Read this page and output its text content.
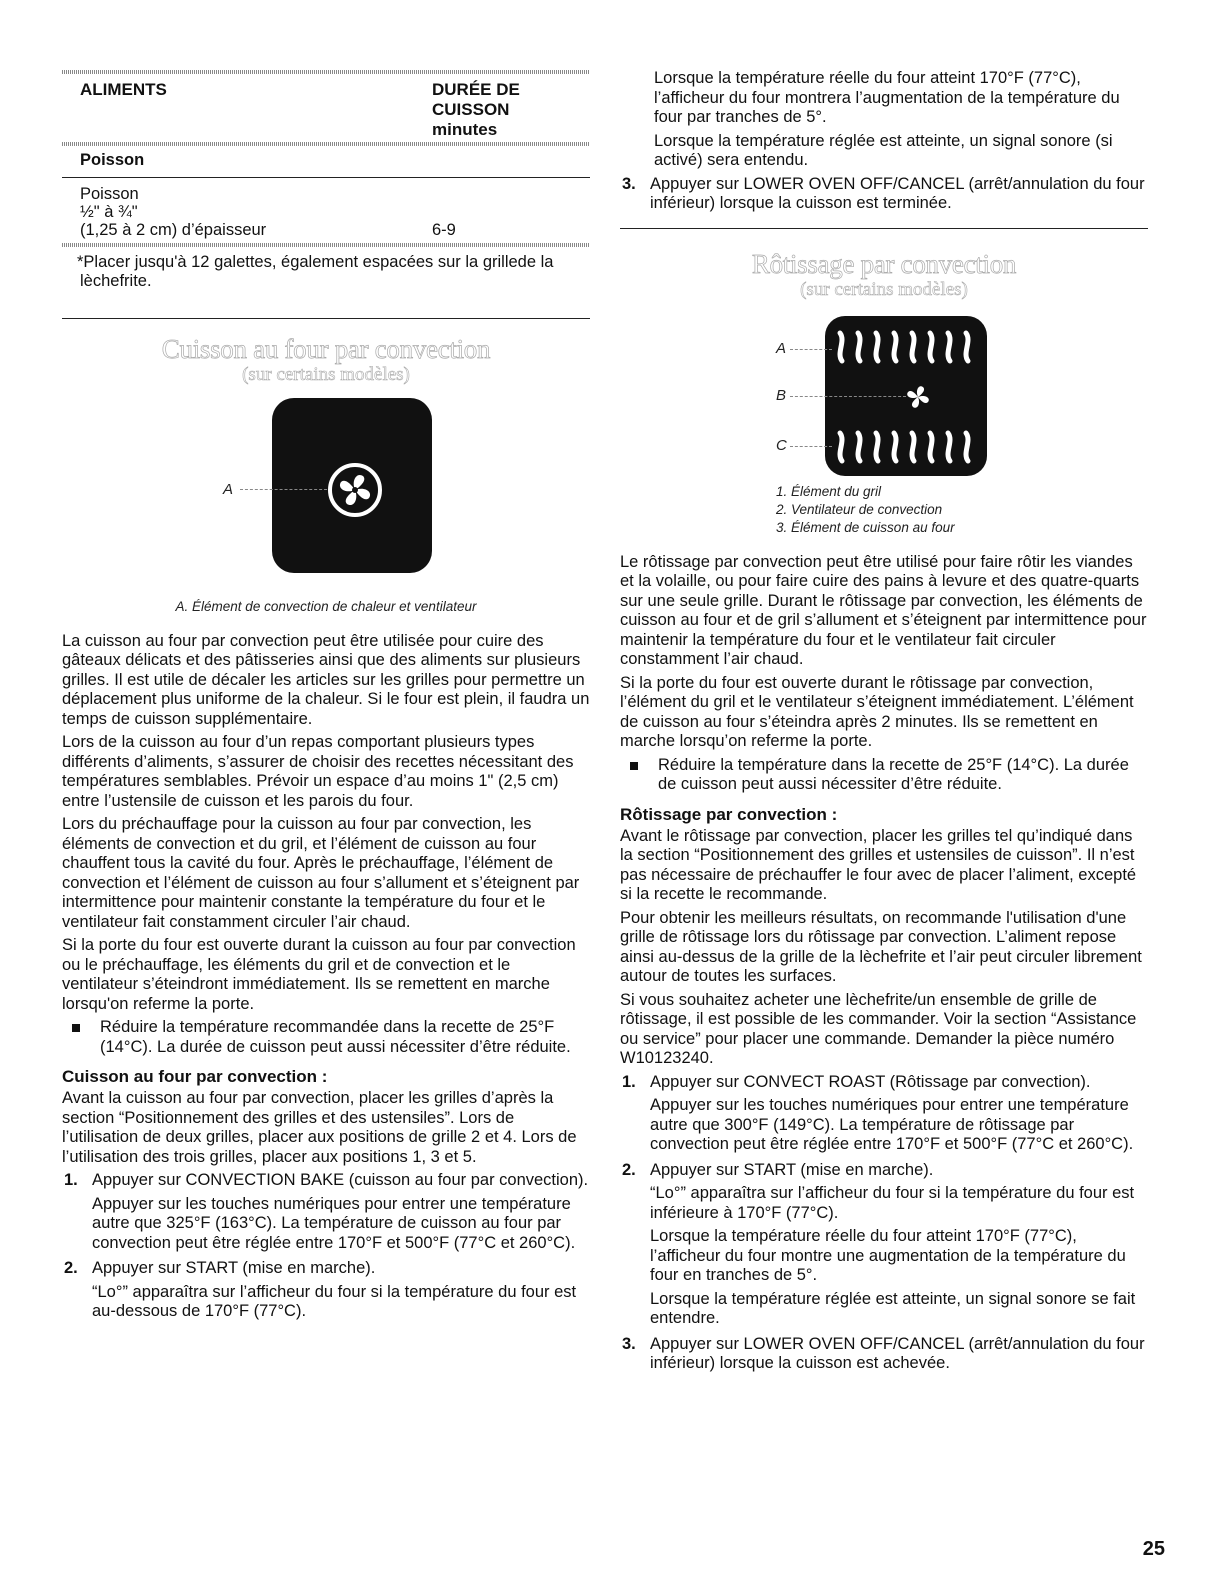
ALIMENTS	DURÉE DE
CUISSON
minutes
Poisson
Poisson
½" à ¾"
(1,25 à 2 cm) d’épaisseur	6-9

*Placer jusqu'à 12 galettes, également espacées sur la grillede la lèchefrite.

Cuisson au four par convection
(sur certains modèles)
A
A. Élément de convection de chaleur et ventilateur

La cuisson au four par convection peut être utilisée pour cuire des gâteaux délicats et des pâtisseries ainsi que des aliments sur plusieurs grilles. Il est utile de décaler les articles sur les grilles pour permettre un déplacement plus uniforme de la chaleur. Si le four est plein, il faudra un temps de cuisson supplémentaire.

Lors de la cuisson au four d’un repas comportant plusieurs types différents d’aliments, s’assurer de choisir des recettes nécessitant des températures semblables. Prévoir un espace d’au moins 1" (2,5 cm) entre l’ustensile de cuisson et les parois du four.

Lors du préchauffage pour la cuisson au four par convection, les éléments de convection et du gril, et l’élément de cuisson au four chauffent tous la cavité du four. Après le préchauffage, l’élément de convection et l’élément de cuisson au four s’allument et s’éteignent par intermittence pour maintenir constante la température du four et le ventilateur fait constamment circuler l’air chaud.

Si la porte du four est ouverte durant la cuisson au four par convection ou le préchauffage, les éléments du gril et de convection et le ventilateur s’éteindront immédiatement. Ils se remettent en marche lorsqu'on referme la porte.

Réduire la température recommandée dans la recette de 25°F (14°C). La durée de cuisson peut aussi nécessiter d’être réduite.
Cuisson au four par convection :

Avant la cuisson au four par convection, placer les grilles d’après la section “Positionnement des grilles et des ustensiles”. Lors de l’utilisation de deux grilles, placer aux positions de grille 2 et 4. Lors de l’utilisation des trois grilles, placer aux positions 1, 3 et 5.

1. Appuyer sur CONVECTION BAKE (cuisson au four par convection).

Appuyer sur les touches numériques pour entrer une température autre que 325°F (163°C). La température de cuisson au four par convection peut être réglée entre 170°F et 500°F (77°C et 260°C).

2. Appuyer sur START (mise en marche).

“Lo°” apparaîtra sur l’afficheur du four si la température du four est au-dessous de 170°F (77°C).

Lorsque la température réelle du four atteint 170°F (77°C), l’afficheur du four montrera l’augmentation de la température du four par tranches de 5°.

Lorsque la température réglée est atteinte, un signal sonore (si activé) sera entendu.

3. Appuyer sur LOWER OVEN OFF/CANCEL (arrêt/annulation du four inférieur) lorsque la cuisson est terminée.
Rôtissage par convection
(sur certains modèles)
A
B
C
1. Élément du gril
2. Ventilateur de convection
3. Élément de cuisson au four

Le rôtissage par convection peut être utilisé pour faire rôtir les viandes et la volaille, ou pour faire cuire des pains à levure et des quatre-quarts sur une seule grille. Durant le rôtissage par convection, les éléments de cuisson au four et de gril s’allument et s’éteignent par intermittence pour maintenir la température du four et le ventilateur fait circuler constamment l’air chaud.

Si la porte du four est ouverte durant le rôtissage par convection, l’élément du gril et le ventilateur s’éteignent immédiatement. L’élément de cuisson au four s’éteindra après 2 minutes. Ils se remettent en marche lorsqu’on referme la porte.

Réduire la température dans la recette de 25°F (14°C). La durée de cuisson peut aussi nécessiter d’être réduite.
Rôtissage par convection :

Avant le rôtissage par convection, placer les grilles tel qu’indiqué dans la section “Positionnement des grilles et ustensiles de cuisson”. Il n’est pas nécessaire de préchauffer le four avec de placer l’aliment, excepté si la recette le recommande.

Pour obtenir les meilleurs résultats, on recommande l'utilisation d'une grille de rôtissage lors du rôtissage par convection. L’aliment repose ainsi au-dessus de la grille de la lèchefrite et l’air peut circuler librement autour de toutes les surfaces.

Si vous souhaitez acheter une lèchefrite/un ensemble de grille de rôtissage, il est possible de les commander. Voir la section “Assistance ou service” pour placer une commande. Demander la pièce numéro W10123240.

1. Appuyer sur CONVECT ROAST (Rôtissage par convection).

Appuyer sur les touches numériques pour entrer une température autre que 300°F (149°C). La température de rôtissage par convection peut être réglée entre 170°F et 500°F (77°C et 260°C).

2. Appuyer sur START (mise en marche).

“Lo°” apparaîtra sur l’afficheur du four si la température du four est inférieure à 170°F (77°C).

Lorsque la température réelle du four atteint 170°F (77°C), l’afficheur du four montre une augmentation de la température du four en tranches de 5°.

Lorsque la température réglée est atteinte, un signal sonore se fait entendre.

3. Appuyer sur LOWER OVEN OFF/CANCEL (arrêt/annulation du four inférieur) lorsque la cuisson est achevée.
25
